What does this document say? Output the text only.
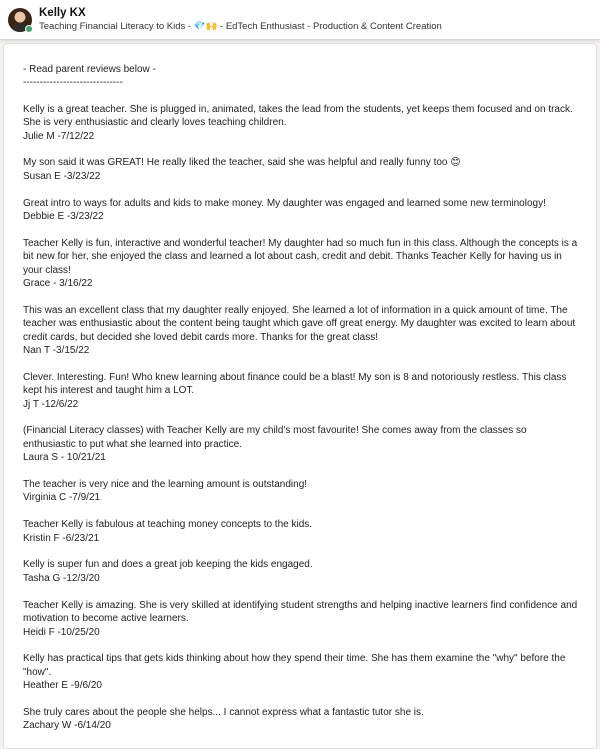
Kelly KX
Teaching Financial Literacy to Kids - 💎🙌 - EdTech Enthusiast - Production & Content Creation
- Read parent reviews below -
------------------------------
Kelly is a great teacher. She is plugged in, animated, takes the lead from the students, yet keeps them focused and on track. She is very enthusiastic and clearly loves teaching children.
Julie M -7/12/22
My son said it was GREAT! He really liked the teacher, said she was helpful and really funny too 😊
Susan E -3/23/22
Great intro to ways for adults and kids to make money. My daughter was engaged and learned some new terminology!
Debbie E -3/23/22
Teacher Kelly is fun, interactive and wonderful teacher! My daughter had so much fun in this class. Although the concepts is a bit new for her, she enjoyed the class and learned a lot about cash, credit and debit. Thanks Teacher Kelly for having us in your class!
Grace - 3/16/22
This was an excellent class that my daughter really enjoyed. She learned a lot of information in a quick amount of time. The teacher was enthusiastic about the content being taught which gave off great energy. My daughter was excited to learn about credit cards, but decided she loved debit cards more. Thanks for the great class!
Nan T -3/15/22
Clever. Interesting. Fun! Who knew learning about finance could be a blast! My son is 8 and notoriously restless. This class kept his interest and taught him a LOT.
Jj T -12/6/22
(Financial Literacy classes) with Teacher Kelly are my child's most favourite! She comes away from the classes so enthusiastic to put what she learned into practice.
Laura S - 10/21/21
The teacher is very nice and the learning amount is outstanding!
Virginia C -7/9/21
Teacher Kelly is fabulous at teaching money concepts to the kids.
Kristin F -6/23/21
Kelly is super fun and does a great job keeping the kids engaged.
Tasha G -12/3/20
Teacher Kelly is amazing. She is very skilled at identifying student strengths and helping inactive learners find confidence and motivation to become active learners.
Heidi F -10/25/20
Kelly has practical tips that gets kids thinking about how they spend their time. She has them examine the "why" before the "how".
Heather E -9/6/20
She truly cares about the people she helps... I cannot express what a fantastic tutor she is.
Zachary W -6/14/20
